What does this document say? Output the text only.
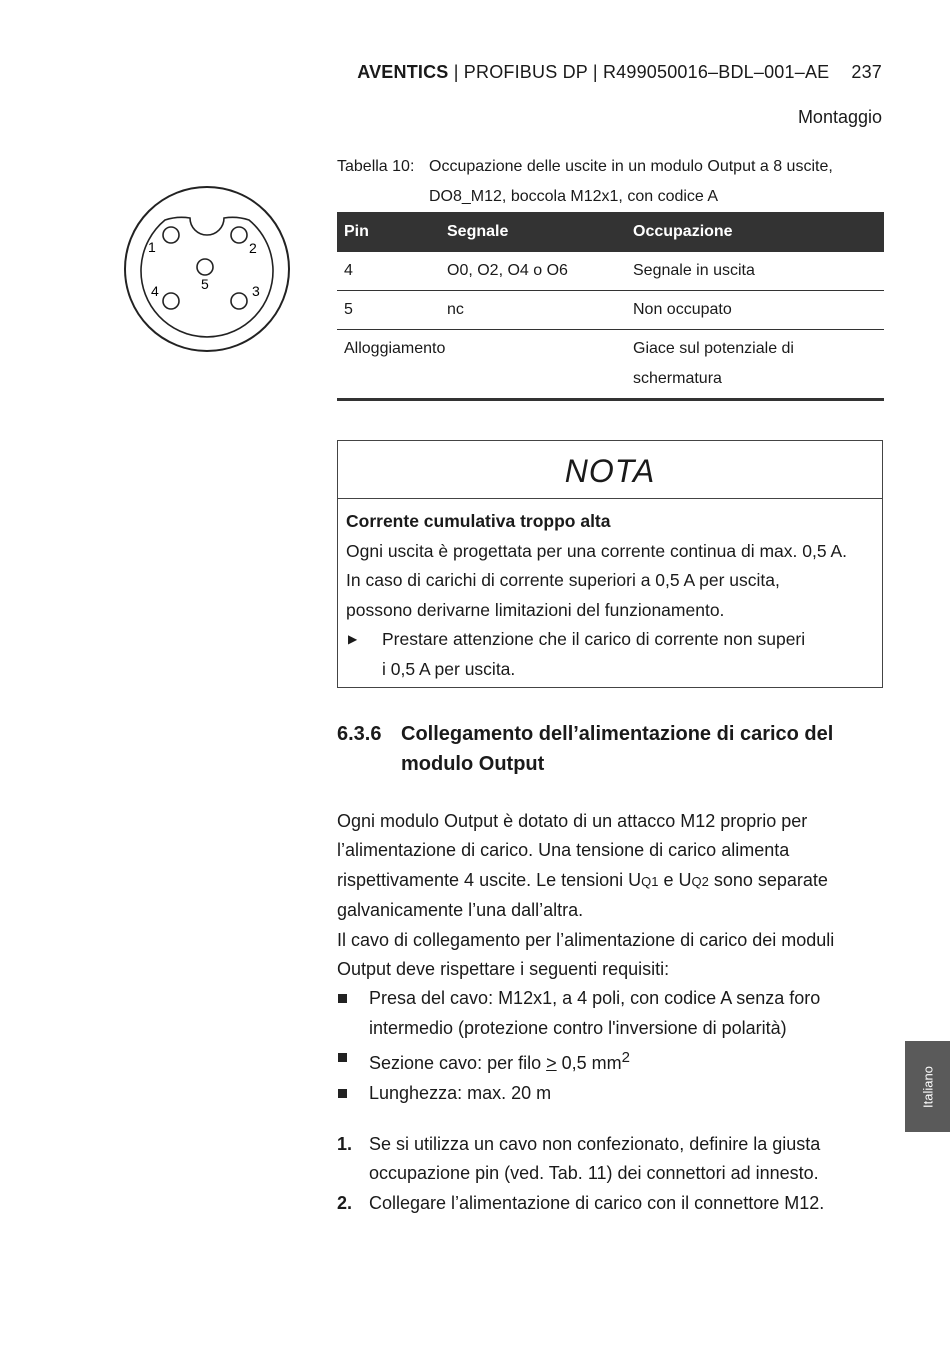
AVENTICS | PROFIBUS DP | R499050016–BDL–001–AE 237
Montaggio
1	2
3
4	5
Tabella 10: Occupazione delle uscite in un modulo Output a 8 uscite,
DO8_M12, boccola M12x1, con codice A
Pin	Segnale	Occupazione
4	O0, O2, O4 o O6	Segnale in uscita
5	nc	Non occupato
Alloggiamento		Giace sul potenziale di
schermatura
NOTA
Corrente cumulativa troppo alta
Ogni uscita è progettata per una corrente continua di max. 0,5 A.
In caso di carichi di corrente superiori a 0,5 A per uscita,
possono derivarne limitazioni del funzionamento.
▶ Prestare attenzione che il carico di corrente non superi
i 0,5 A per uscita.
6.3.6 Collegamento dell’alimentazione di carico del
modulo Output

Ogni modulo Output è dotato di un attacco M12 proprio per

l’alimentazione di carico. Una tensione di carico alimenta

rispettivamente 4 uscite. Le tensioni UQ1 e UQ2 sono separate

galvanicamente l’una dall’altra.

Il cavo di collegamento per l’alimentazione di carico dei moduli

Output deve rispettare i seguenti requisiti:

Presa del cavo: M12x1, a 4 poli, con codice A senza foro
intermedio (protezione contro l'inversione di polarità)
Sezione cavo: per filo > 0,5 $mm^2$
Lunghezza: max. 20 m
1. Se si utilizza un cavo non confezionato, definire la giusta
occupazione pin (ved. Tab. 11) dei connettori ad innesto.
2. Collegare l’alimentazione di carico con il connettore M12.
Italiano
